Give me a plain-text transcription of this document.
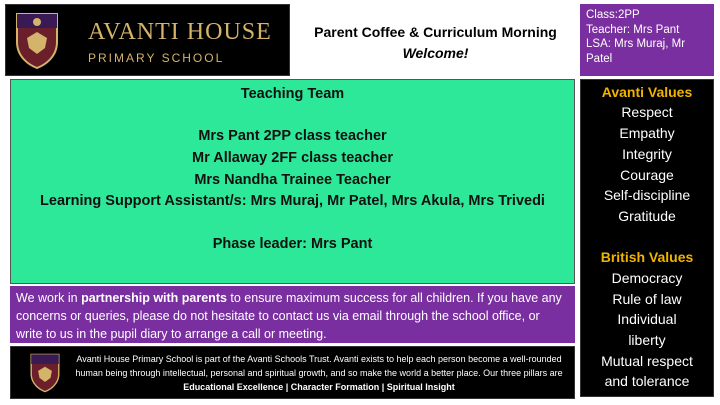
AVANTI HOUSE
PRIMARY SCHOOL
Parent Coffee & Curriculum Morning
Welcome!
Class:2PP
Teacher: Mrs Pant
LSA: Mrs Muraj, Mr
Patel
Teaching Team
Mrs Pant 2PP class teacher
Mr Allaway 2FF class teacher
Mrs Nandha Trainee Teacher
Learning Support Assistant/s: Mrs Muraj, Mr Patel, Mrs Akula, Mrs Trivedi
Phase leader: Mrs Pant
Avanti Values
Respect
Empathy
Integrity
Courage
Self-discipline
Gratitude
British Values
Democracy
Rule of law
Individual
liberty
Mutual respect
and tolerance
We work in partnership with parents to ensure maximum success for all children. If you have any concerns or queries, please do not hesitate to contact us via email through the school office, or write to us in the pupil diary to arrange a call or meeting.
Avanti House Primary School is part of the Avanti Schools Trust. Avanti exists to help each person become a well-rounded human being through intellectual, personal and spiritual growth, and so make the world a better place. Our three pillars are Educational Excellence | Character Formation | Spiritual Insight
